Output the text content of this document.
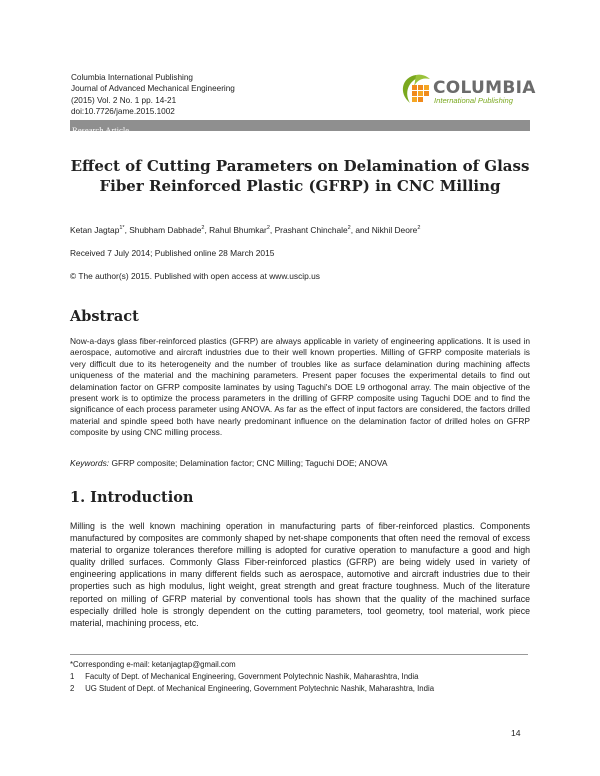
Columbia International Publishing
Journal of Advanced Mechanical Engineering
(2015) Vol. 2 No. 1 pp. 14-21
doi:10.7726/jame.2015.1002
Research Article
COLUMBIA
International Publishing
Effect of Cutting Parameters on Delamination of Glass Fiber Reinforced Plastic (GFRP) in CNC Milling
Ketan Jagtap$^{1*}$, Shubham Dabhade$^2$, Rahul Bhumkar$^2$, Prashant Chinchale$^2$, and Nikhil Deore$^2$
Received 7 July 2014; Published online 28 March 2015
© The author(s) 2015. Published with open access at www.uscip.us
Abstract
Now-a-days glass fiber-reinforced plastics (GFRP) are always applicable in variety of engineering applications. It is used in aerospace, automotive and aircraft industries due to their well known properties. Milling of GFRP composite materials is very difficult due to its heterogeneity and the number of troubles like as surface delamination during machining affects uniqueness of the material and the machining parameters. Present paper focuses the experimental details to find out delamination factor on GFRP composite laminates by using Taguchi's DOE L9 orthogonal array. The main objective of the present work is to optimize the process parameters in the drilling of GFRP composite using Taguchi DOE and to find the significance of each process parameter using ANOVA. As far as the effect of input factors are considered, the factors drilled material and spindle speed both have nearly predominant influence on the delamination factor of drilled holes on GFRP composite by using CNC milling process.
Keywords: GFRP composite; Delamination factor; CNC Milling; Taguchi DOE; ANOVA
1. Introduction
Milling is the well known machining operation in manufacturing parts of fiber-reinforced plastics. Components manufactured by composites are commonly shaped by net-shape components that often need the removal of excess material to organize tolerances therefore milling is adopted for curative operation to manufacture a good and high quality drilled surfaces. Commonly Glass Fiber-reinforced plastics (GFRP) are being widely used in variety of engineering applications in many different fields such as aerospace, automotive and aircraft industries due to their properties such as high modulus, light weight, great strength and great fracture toughness. Much of the literature reported on milling of GFRP material by conventional tools has shown that the quality of the machined surface especially drilled hole is strongly dependent on the cutting parameters, tool geometry, tool material, work piece material, machining process, etc.
*Corresponding e-mail: ketanjagtap@gmail.com
1     Faculty of Dept. of Mechanical Engineering, Government Polytechnic Nashik, Maharashtra, India
2     UG Student of Dept. of Mechanical Engineering, Government Polytechnic Nashik, Maharashtra, India
14
